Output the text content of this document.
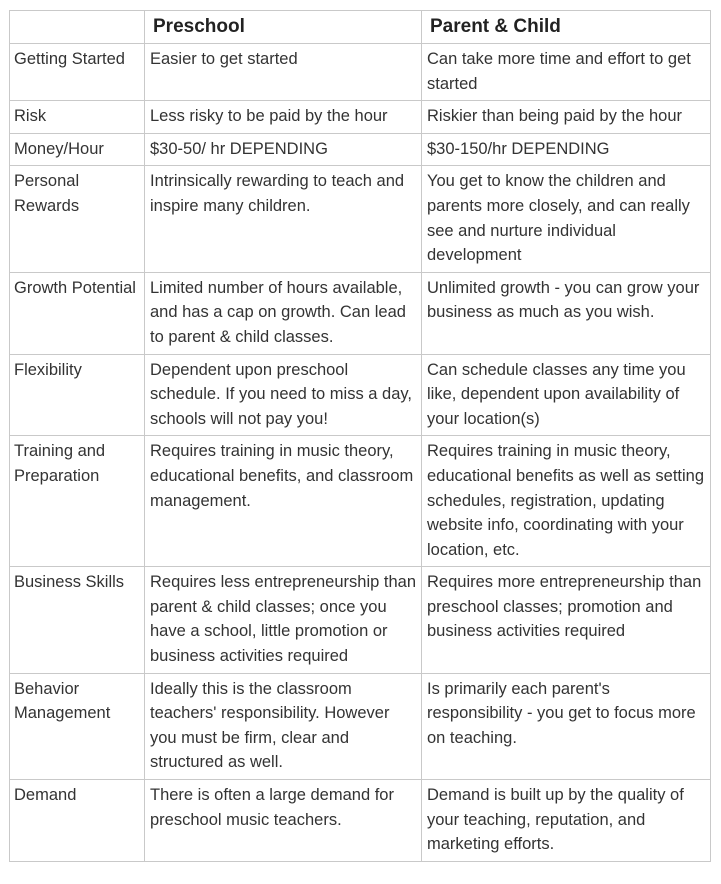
	Preschool	Parent & Child
Getting Started	Easier to get started	Can take more time and effort to get started
Risk	Less risky to be paid by the hour	Riskier than being paid by the hour
Money/Hour	$30-50/ hr DEPENDING	$30-150/hr DEPENDING
Personal Rewards	Intrinsically rewarding to teach and inspire many children.	You get to know the children and parents more closely, and can really see and nurture individual development
Growth Potential	Limited number of hours available, and has a cap on growth. Can lead to parent & child classes.	Unlimited growth - you can grow your business as much as you wish.
Flexibility	Dependent upon preschool schedule. If you need to miss a day, schools will not pay you!	Can schedule classes any time you like, dependent upon availability of your location(s)
Training and Preparation	Requires training in music theory, educational benefits, and classroom management.	Requires training in music theory, educational benefits as well as setting schedules, registration, updating website info, coordinating with your location, etc.
Business Skills	Requires less entrepreneurship than parent & child classes; once you have a school, little promotion or business activities required	Requires more entrepreneurship than preschool classes; promotion and business activities required
Behavior Management	Ideally this is the classroom teachers' responsibility. However you must be firm, clear and structured as well.	Is primarily each parent's responsibility - you get to focus more on teaching.
Demand	There is often a large demand for preschool music teachers.	Demand is built up by the quality of your teaching, reputation, and marketing efforts.
